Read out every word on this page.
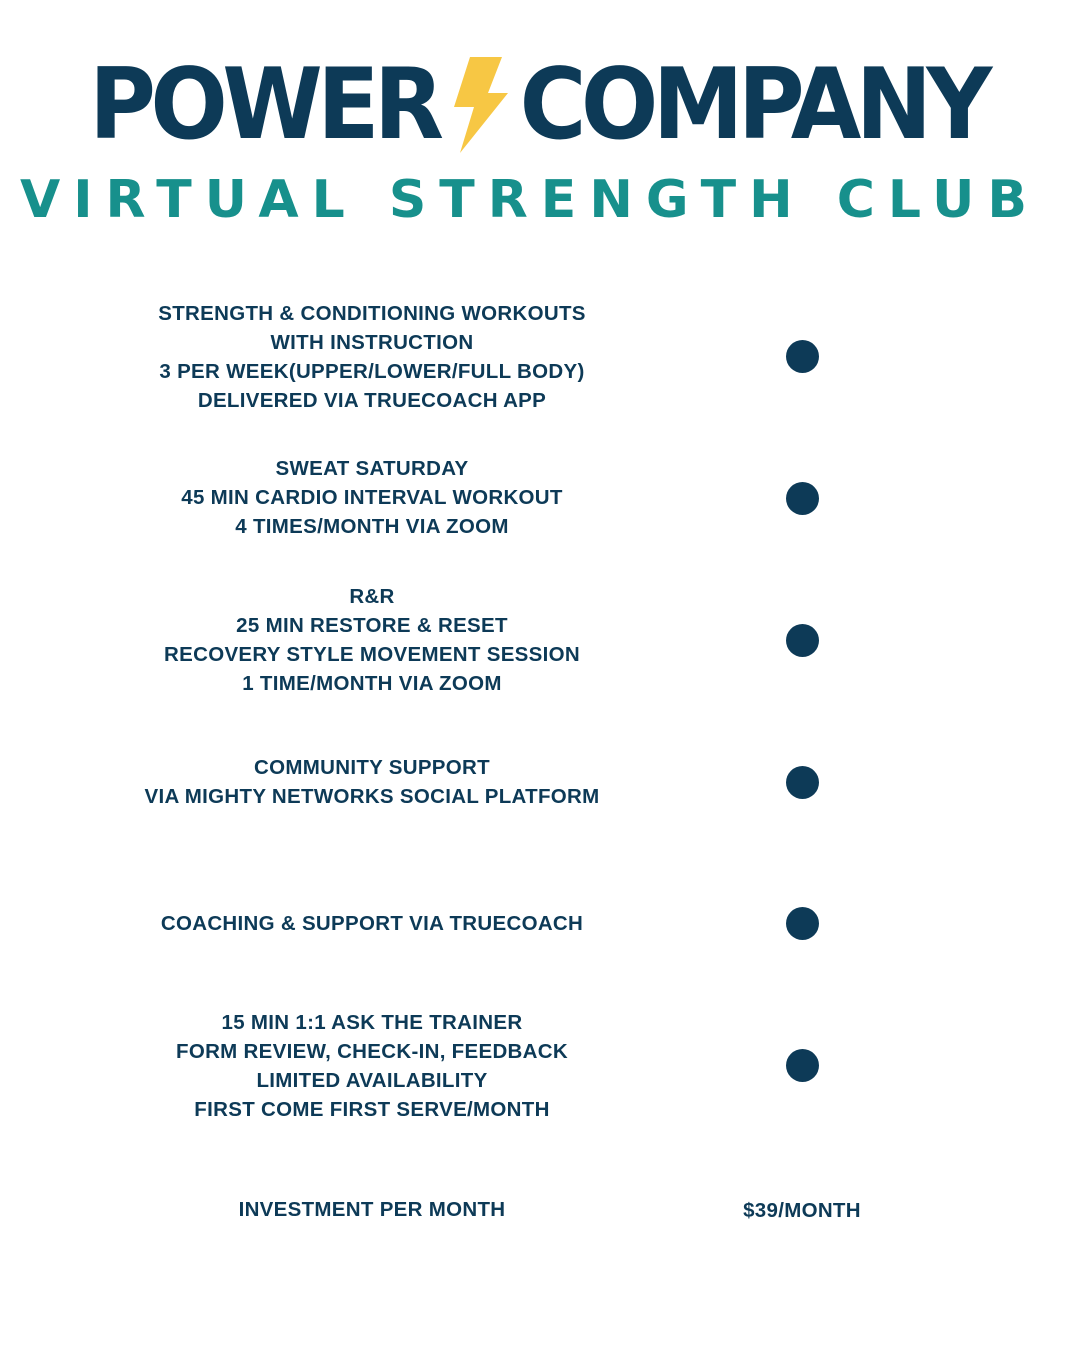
POWER COMPANY
VIRTUAL STRENGTH CLUB
STRENGTH & CONDITIONING WORKOUTS
WITH INSTRUCTION
3 PER WEEK(UPPER/LOWER/FULL BODY)
DELIVERED VIA TRUECOACH APP
SWEAT SATURDAY
45 MIN CARDIO INTERVAL WORKOUT
4 TIMES/MONTH VIA ZOOM
R&R
25 MIN RESTORE & RESET
RECOVERY STYLE MOVEMENT SESSION
1 TIME/MONTH VIA ZOOM
COMMUNITY SUPPORT
VIA MIGHTY NETWORKS SOCIAL PLATFORM
COACHING & SUPPORT VIA TRUECOACH
15 MIN 1:1 ASK THE TRAINER
FORM REVIEW, CHECK-IN, FEEDBACK
LIMITED AVAILABILITY
FIRST COME FIRST SERVE/MONTH
INVESTMENT PER MONTH	$39/MONTH
